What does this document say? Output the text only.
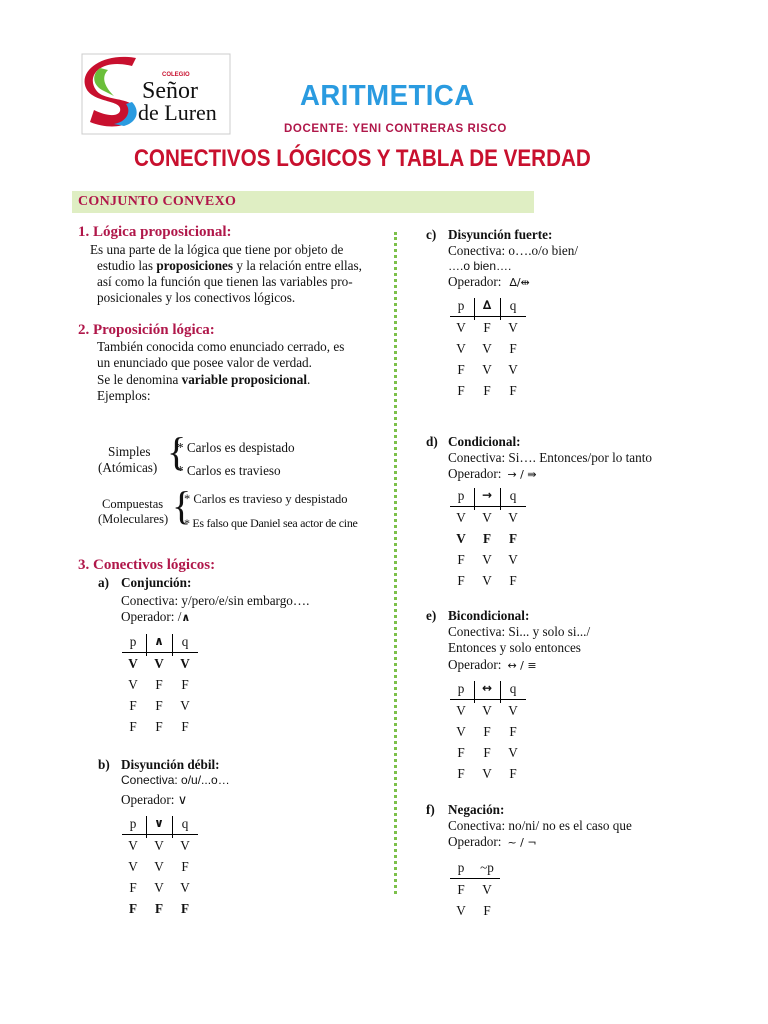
COLEGIO
Señor
de Luren
ARITMETICA
DOCENTE: YENI CONTRERAS RISCO
CONECTIVOS LÓGICOS Y TABLA DE VERDAD
CONJUNTO CONVEXO
1. Lógica proposicional:
Es una parte de la lógica que tiene por objeto de
estudio las proposiciones y la relación entre ellas,
así como la función que tienen las variables pro-
posicionales y los conectivos lógicos.
2. Proposición lógica:
También conocida como enunciado cerrado, es
un enunciado que posee valor de verdad.
Se le denomina variable proposicional.
Ejemplos:
Simples
(Atómicas) {
* Carlos es despistado
* Carlos es travieso
Compuestas
(Moleculares) {
* Carlos es travieso y despistado
* Es falso que Daniel sea actor de cine
3. Conectivos lógicos:
a) Conjunción:
Conectiva: y/pero/e/sin embargo….
Operador: /∧
p	∧	q
V	V	V
V	F	F
F	F	V
F	F	F
b) Disyunción débil:
Conectiva: o/u/...o…
Operador: ∨
p	∨	q
V	V	V
V	V	F
F	V	V
F	F	F
c) Disyunción fuerte:
Conectiva: o….o/o bien/
….o bien….
Operador: ∆/⇹
p	∆	q
V	F	V
V	V	F
F	V	V
F	F	F
d) Condicional:
Conectiva: Si…. Entonces/por lo tanto
Operador: → / ⇛
p	→	q
V	V	V
V	F	F
F	V	V
F	V	F
e) Bicondicional:
Conectiva: Si... y solo si.../
Entonces y solo entonces
Operador: ↔ / ≡
p	↔	q
V	V	V
V	F	F
F	F	V
F	V	F
f) Negación:
Conectiva: no/ni/ no es el caso que
Operador: ~ / ¬
p	~p
F	V
V	F
